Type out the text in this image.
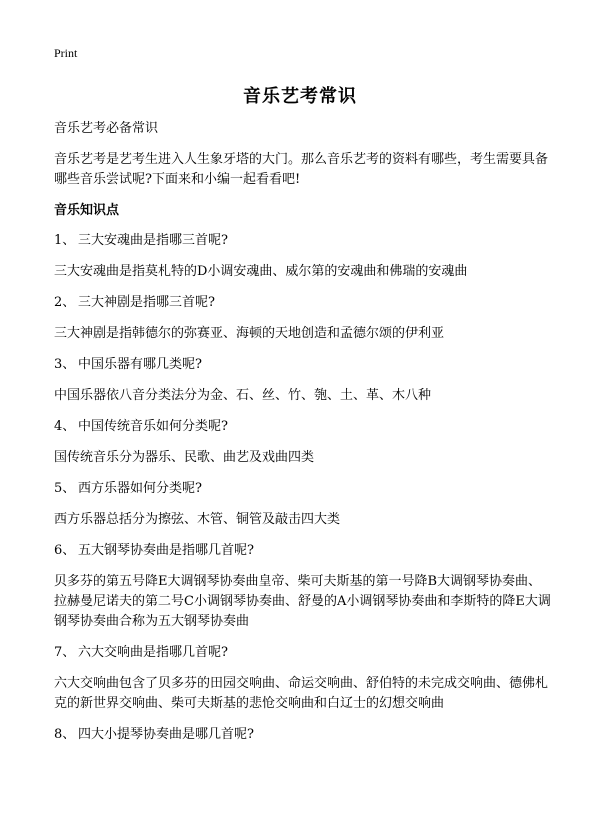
Print
音乐艺考常识

音乐艺考必备常识

音乐艺考是艺考生进入人生象牙塔的大门。那么音乐艺考的资料有哪些，考生需要具备哪些音乐尝试呢?下面来和小编一起看看吧!

音乐知识点

1、 三大安魂曲是指哪三首呢?

三大安魂曲是指莫札特的D小调安魂曲、威尔第的安魂曲和佛瑞的安魂曲

2、 三大神剧是指哪三首呢?

三大神剧是指韩德尔的弥赛亚、海顿的天地创造和孟德尔颂的伊利亚

3、 中国乐器有哪几类呢?

中国乐器依八音分类法分为金、石、丝、竹、匏、土、革、木八种

4、 中国传统音乐如何分类呢?

国传统音乐分为器乐、民歌、曲艺及戏曲四类

5、 西方乐器如何分类呢?

西方乐器总括分为擦弦、木管、铜管及敲击四大类

6、 五大钢琴协奏曲是指哪几首呢?

贝多芬的第五号降E大调钢琴协奏曲皇帝、柴可夫斯基的第一号降B大调钢琴协奏曲、拉赫曼尼诺夫的第二号C小调钢琴协奏曲、舒曼的A小调钢琴协奏曲和李斯特的降E大调钢琴协奏曲合称为五大钢琴协奏曲

7、 六大交响曲是指哪几首呢?

六大交响曲包含了贝多芬的田园交响曲、命运交响曲、舒伯特的未完成交响曲、德佛札克的新世界交响曲、柴可夫斯基的悲怆交响曲和白辽士的幻想交响曲

8、 四大小提琴协奏曲是哪几首呢?
